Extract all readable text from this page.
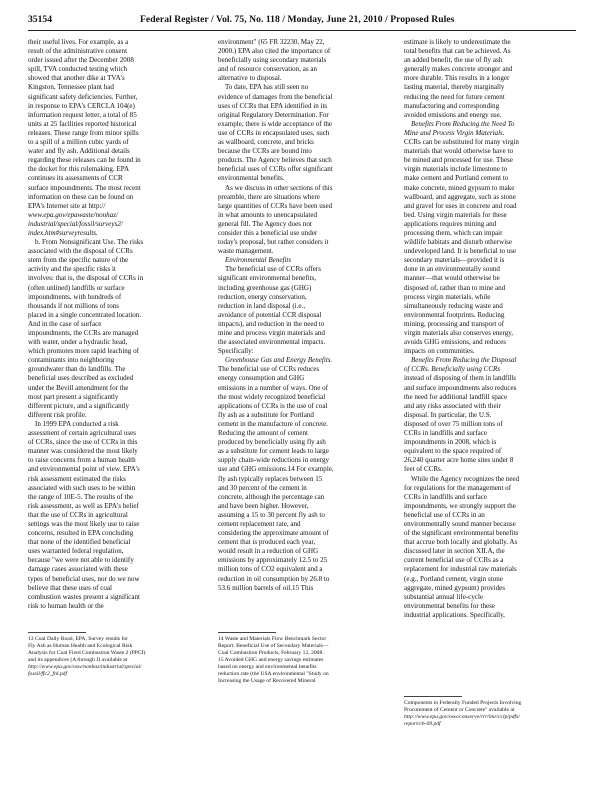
35154	Federal Register / Vol. 75, No. 118 / Monday, June 21, 2010 / Proposed Rules
their useful lives. For example, as a
result of the administrative consent
order issued after the December 2008
spill, TVA conducted testing which
showed that another dike at TVA's
Kingston, Tennessee plant had
significant safety deficiencies. Further,
in response to EPA's CERCLA 104(e)
information request letter, a total of 85
units at 25 facilities reported historical
releases. These range from minor spills
to a spill of a million cubic yards of
water and fly ash. Additional details
regarding these releases can be found in
the docket for this rulemaking. EPA
continues its assessments of CCR
surface impoundments. The most recent
information on these can be found on
EPA's Internet site at http://
www.epa.gov/epawaste/nonhaz/
industrial/special/fossil/surveys2/
index.htm#surveyresults.
b. From Nonsignificant Use. The risks
associated with the disposal of CCRs
stem from the specific nature of the
activity and the specific risks it
involves: that is, the disposal of CCRs in
(often unlined) landfills or surface
impoundments, with hundreds of
thousands if not millions of tons
placed in a single concentrated location.
And in the case of surface
impoundments, the CCRs are managed
with water, under a hydraulic head,
which promotes more rapid leaching of
contaminants into neighboring
groundwater than do landfills. The
beneficial uses described as excluded
under the Bevill amendment for the
most part present a significantly
different picture, and a significantly
different risk profile.
In 1999 EPA conducted a risk
assessment of certain agricultural uses
of CCRs, since the use of CCRs in this
manner was considered the most likely
to raise concerns from a human health
and environmental point of view. EPA's
risk assessment estimated the risks
associated with such uses to be within
the range of 10E-5. The results of the
risk assessment, as well as EPA's belief
that the use of CCRs in agricultural
settings was the most likely use to raise
concerns, resulted in EPA concluding
that none of the identified beneficial
uses warranted federal regulation,
because "we were not able to identify
damage cases associated with these
types of beneficial uses, nor do we now
believe that these uses of coal
combustion wastes present a significant
risk to human health or the
environment" (65 FR 32230, May 22,
2000.) EPA also cited the importance of
beneficially using secondary materials
and of resource conservation, as an
alternative to disposal.
To date, EPA has still seen no
evidence of damages from the beneficial
uses of CCRs that EPA identified in its
original Regulatory Determination. For
example, there is wide acceptance of the
use of CCRs in encapsulated uses, such
as wallboard, concrete, and bricks
because the CCRs are bound into
products. The Agency believes that such
beneficial uses of CCRs offer significant
environmental benefits.
As we discuss in other sections of this
preamble, there are situations where
large quantities of CCRs have been used
in what amounts to unencapsulated
general fill. The Agency does not
consider this a beneficial use under
today's proposal, but rather considers it
waste management.
Environmental Benefits
The beneficial use of CCRs offers
significant environmental benefits,
including greenhouse gas (GHG)
reduction, energy conservation,
reduction in land disposal (i.e.,
avoidance of potential CCR disposal
impacts), and reduction in the need to
mine and process virgin materials and
the associated environmental impacts.
Specifically:
Greenhouse Gas and Energy Benefits.
The beneficial use of CCRs reduces
energy consumption and GHG
emissions in a number of ways. One of
the most widely recognized beneficial
applications of CCRs is the use of coal
fly ash as a substitute for Portland
cement in the manufacture of concrete.
Reducing the amount of cement
produced by beneficially using fly ash
as a substitute for cement leads to large
supply chain-wide reductions in energy
use and GHG emissions.14 For example,
fly ash typically replaces between 15
and 30 percent of the cement in
concrete, although the percentage can
and have been higher. However,
assuming a 15 to 30 percent fly ash to
cement replacement rate, and
considering the approximate amount of
cement that is produced each year,
would result in a reduction of GHG
emissions by approximately 12.5 to 25
million tons of CO2 equivalent and a
reduction in oil consumption by 26.8 to
53.6 million barrels of oil.15 This
estimate is likely to underestimate the
total benefits that can be achieved. As
an added benefit, the use of fly ash
generally makes concrete stronger and
more durable. This results in a longer
lasting material, thereby marginally
reducing the need for future cement
manufacturing and corresponding
avoided emissions and energy use.
Benefits From Reducing the Need To
Mine and Process Virgin Materials.
CCRs can be substituted for many virgin
materials that would otherwise have to
be mined and processed for use. These
virgin materials include limestone to
make cement and Portland cement to
make concrete, mined gypsum to make
wallboard, and aggregate, such as stone
and gravel for uses in concrete and road
bed. Using virgin materials for these
applications requires mining and
processing them, which can impair
wildlife habitats and disturb otherwise
undeveloped land. It is beneficial to use
secondary materials—provided it is
done in an environmentally sound
manner—that would otherwise be
disposed of, rather than to mine and
process virgin materials, while
simultaneously reducing waste and
environmental footprints. Reducing
mining, processing and transport of
virgin materials also conserves energy,
avoids GHG emissions, and reduces
impacts on communities.
Benefits From Reducing the Disposal
of CCRs. Beneficially using CCRs
instead of disposing of them in landfills
and surface impoundments also reduces
the need for additional landfill space
and any risks associated with their
disposal. In particular, the U.S.
disposed of over 75 million tons of
CCRs in landfills and surface
impoundments in 2008, which is
equivalent to the space required of
26,240 quarter acre home sites under 8
feet of CCRs.
While the Agency recognizes the need
for regulations for the management of
CCRs in landfills and surface
impoundments, we strongly support the
beneficial use of CCRs in an
environmentally sound manner because
of the significant environmental benefits
that accrue both locally and globally. As
discussed later in section XII.A, the
current beneficial use of CCRs as a
replacement for industrial raw materials
(e.g., Portland cement, virgin stone
aggregate, mined gypsum) provides
substantial annual life-cycle
environmental benefits for these
industrial applications. Specifically,
13 Coal Daily Road, EPA, Survey results for
Fly Ash as Human Health and Ecological Risk
Analysis for Coal Fired Combustion Waste 2 (PPCI)
and its appendices (A through J) available at
http://www.epa.gov/osw/nonhaz/industrial/special/
fossil/ffc2_fnl.pdf
14 Waste and Materials Flow Benchmark Sector
Report: Beneficial Use of Secondary Materials—
Coal Combustion Products, February 12, 2008.
15 Avoided GHG and energy savings estimates
based on energy and environmental benefits
reduction rate (the USA environmental "Study on
Increasing the Usage of Recovered Mineral
Components in Federally Funded Projects Involving
Procurement of Cement or Concrete" available at
http://www.epa.gov/osw/conserve/rrr/imr/cclp/pdfs/
report/ch-09.pdf
